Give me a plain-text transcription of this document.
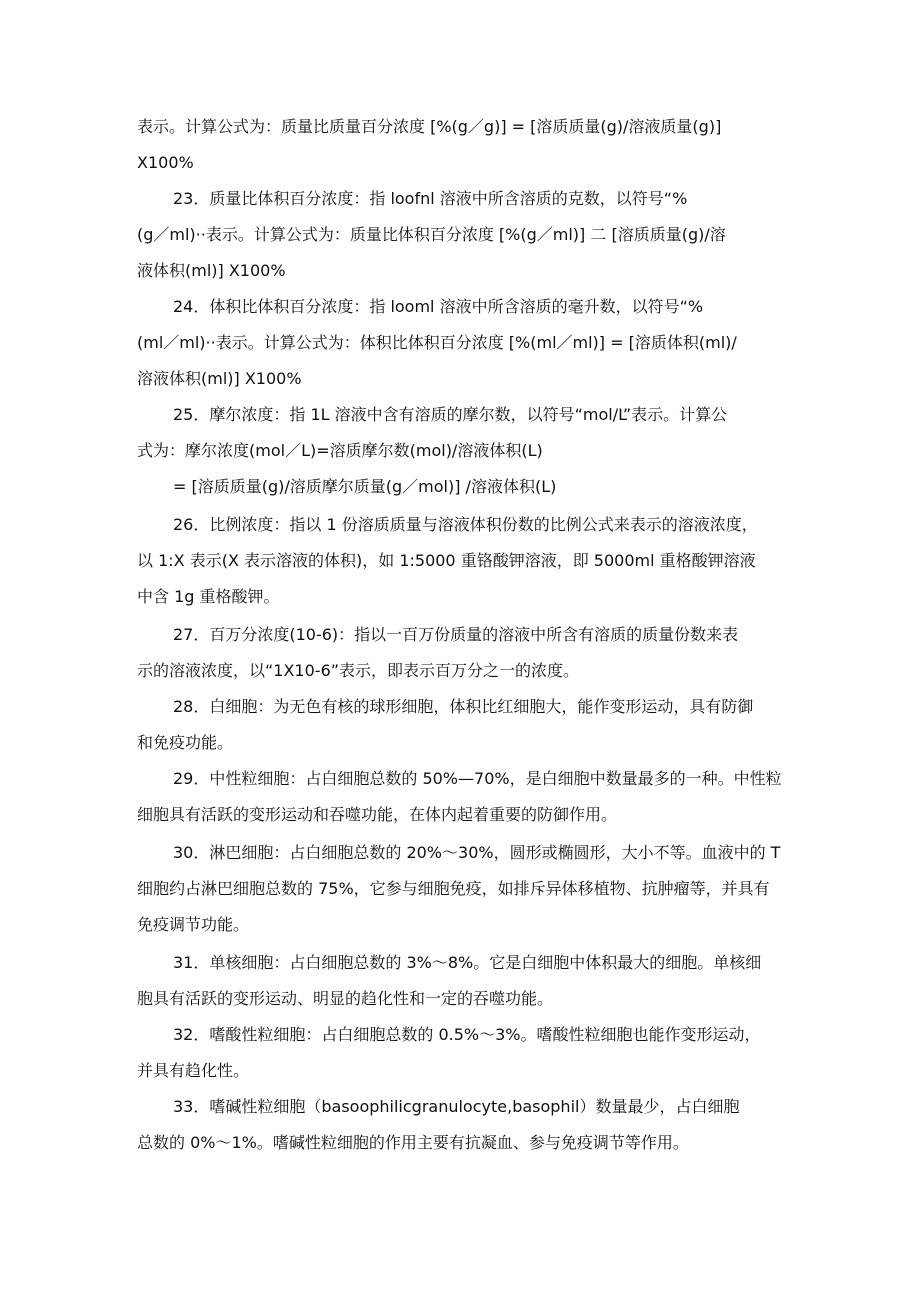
表示。计算公式为：质量比质量百分浓度 [%(g／g)] = [溶质质量(g)/溶液质量(g)]
X100%
23．质量比体积百分浓度：指 loofnl 溶液中所含溶质的克数，以符号“%
(g／ml)··表示。计算公式为：质量比体积百分浓度 [%(g／ml)] 二 [溶质质量(g)/溶
液体积(ml)] X100%
24．体积比体积百分浓度：指 looml 溶液中所含溶质的毫升数，以符号“%
(ml／ml)··表示。计算公式为：体积比体积百分浓度 [%(ml／ml)] = [溶质体积(ml)/
溶液体积(ml)] X100%
25．摩尔浓度：指 1L 溶液中含有溶质的摩尔数，以符号“mol/L”表示。计算公
式为：摩尔浓度(mol／L)=溶质摩尔数(mol)/溶液体积(L)
= [溶质质量(g)/溶质摩尔质量(g／mol)] /溶液体积(L)
26．比例浓度：指以 1 份溶质质量与溶液体积份数的比例公式来表示的溶液浓度，
以 1:X 表示(X 表示溶液的体积)，如 1:5000 重铬酸钾溶液，即 5000ml 重格酸钾溶液
中含 1g 重格酸钾。
27．百万分浓度(10-6)：指以一百万份质量的溶液中所含有溶质的质量份数来表
示的溶液浓度，以“1X10-6”表示，即表示百万分之一的浓度。
28．白细胞：为无色有核的球形细胞，体积比红细胞大，能作变形运动，具有防御
和免疫功能。
29．中性粒细胞：占白细胞总数的 50%—70%，是白细胞中数量最多的一种。中性粒
细胞具有活跃的变形运动和吞噬功能，在体内起着重要的防御作用。
30．淋巴细胞：占白细胞总数的 20%～30%，圆形或椭圆形，大小不等。血液中的 T
细胞约占淋巴细胞总数的 75%，它参与细胞免疫，如排斥异体移植物、抗肿瘤等，并具有
免疫调节功能。
31．单核细胞：占白细胞总数的 3%～8%。它是白细胞中体积最大的细胞。单核细
胞具有活跃的变形运动、明显的趋化性和一定的吞噬功能。
32．嗜酸性粒细胞：占白细胞总数的 0.5%～3%。嗜酸性粒细胞也能作变形运动，
并具有趋化性。
33．嗜碱性粒细胞（basoophilicgranulocyte,basophil）数量最少，占白细胞
总数的 0%～1%。嗜碱性粒细胞的作用主要有抗凝血、参与免疫调节等作用。
